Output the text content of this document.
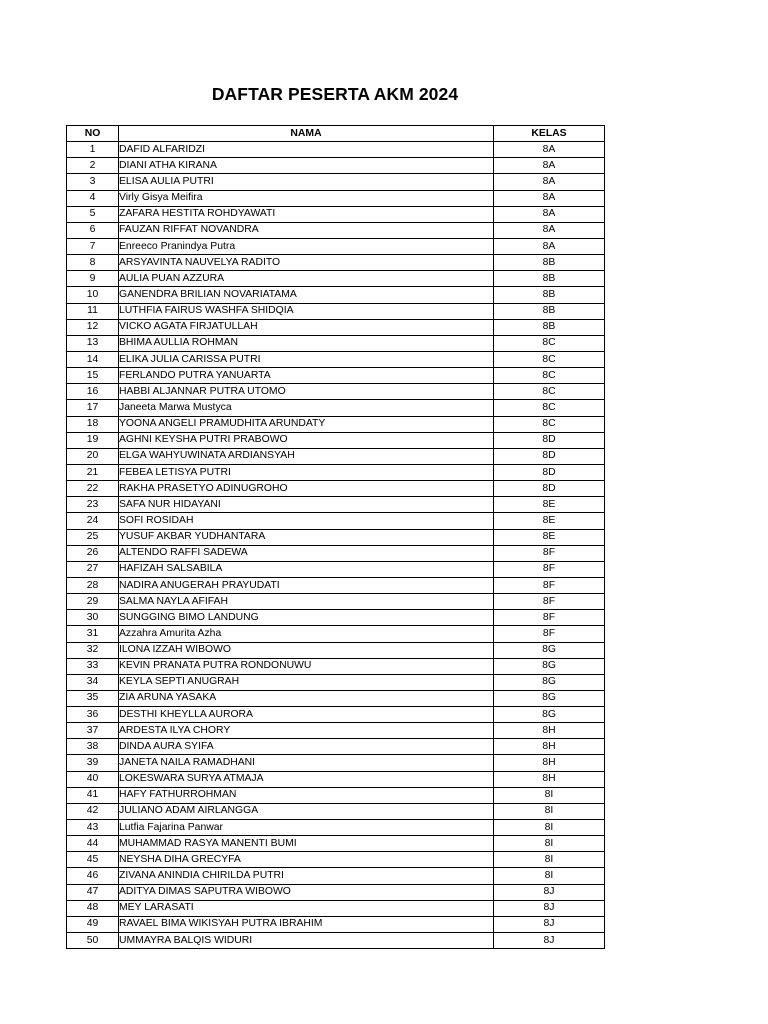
DAFTAR PESERTA AKM 2024
NO	NAMA	KELAS
1	DAFID ALFARIDZI	8A
2	DIANI ATHA KIRANA	8A
3	ELISA AULIA PUTRI	8A
4	Virly Gisya Meifira	8A
5	ZAFARA HESTITA ROHDYAWATI	8A
6	FAUZAN RIFFAT NOVANDRA	8A
7	Enreeco Pranindya Putra	8A
8	ARSYAVINTA NAUVELYA RADITO	8B
9	AULIA PUAN AZZURA	8B
10	GANENDRA BRILIAN NOVARIATAMA	8B
11	LUTHFIA FAIRUS WASHFA SHIDQIA	8B
12	VICKO AGATA FIRJATULLAH	8B
13	BHIMA AULLIA ROHMAN	8C
14	ELIKA JULIA CARISSA PUTRI	8C
15	FERLANDO PUTRA YANUARTA	8C
16	HABBI ALJANNAR PUTRA UTOMO	8C
17	Janeeta Marwa Mustyca	8C
18	YOONA ANGELI PRAMUDHITA ARUNDATY	8C
19	AGHNI KEYSHA PUTRI PRABOWO	8D
20	ELGA WAHYUWINATA ARDIANSYAH	8D
21	FEBEA LETISYA PUTRI	8D
22	RAKHA PRASETYO ADINUGROHO	8D
23	SAFA NUR HIDAYANI	8E
24	SOFI ROSIDAH	8E
25	YUSUF AKBAR YUDHANTARA	8E
26	ALTENDO RAFFI SADEWA	8F
27	HAFIZAH SALSABILA	8F
28	NADIRA ANUGERAH PRAYUDATI	8F
29	SALMA NAYLA AFIFAH	8F
30	SUNGGING BIMO LANDUNG	8F
31	Azzahra Amurita Azha	8F
32	ILONA IZZAH WIBOWO	8G
33	KEVIN PRANATA PUTRA RONDONUWU	8G
34	KEYLA SEPTI ANUGRAH	8G
35	ZIA ARUNA YASAKA	8G
36	DESTHI KHEYLLA AURORA	8G
37	ARDESTA ILYA CHORY	8H
38	DINDA AURA SYIFA	8H
39	JANETA NAILA RAMADHANI	8H
40	LOKESWARA SURYA ATMAJA	8H
41	HAFY FATHURROHMAN	8I
42	JULIANO ADAM AIRLANGGA	8I
43	Lutfia Fajarina Panwar	8I
44	MUHAMMAD RASYA MANENTI BUMI	8I
45	NEYSHA DIHA GRECYFA	8I
46	ZIVANA ANINDIA CHIRILDA PUTRI	8I
47	ADITYA DIMAS SAPUTRA WIBOWO	8J
48	MEY LARASATI	8J
49	RAVAEL BIMA WIKISYAH PUTRA IBRAHIM	8J
50	UMMAYRA BALQIS WIDURI	8J
